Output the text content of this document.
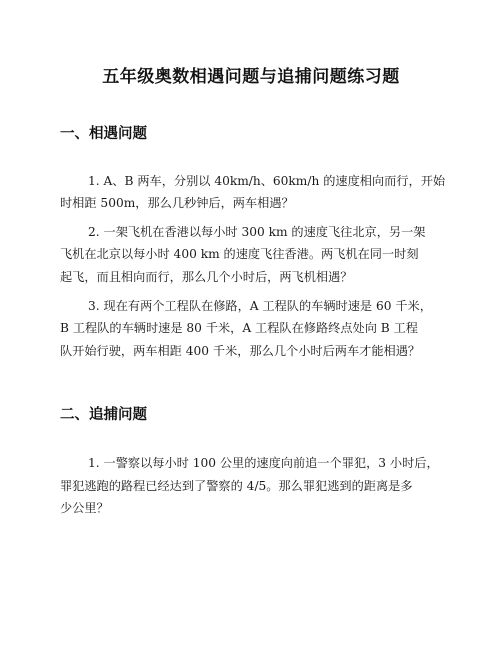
五年级奥数相遇问题与追捕问题练习题
一、相遇问题
1. A、B 两车，分别以 40km/h、60km/h 的速度相向而行，开始
时相距 500m，那么几秒钟后，两车相遇？
2. 一架飞机在香港以每小时 300 km 的速度飞往北京，另一架
飞机在北京以每小时 400 km 的速度飞往香港。两飞机在同一时刻
起飞，而且相向而行，那么几个小时后，两飞机相遇？
3. 现在有两个工程队在修路，A 工程队的车辆时速是 60 千米，
B 工程队的车辆时速是 80 千米，A 工程队在修路终点处向 B 工程
队开始行驶，两车相距 400 千米，那么几个小时后两车才能相遇？
二、追捕问题
1. 一警察以每小时 100 公里的速度向前追一个罪犯，3 小时后，
罪犯逃跑的路程已经达到了警察的 4/5。那么罪犯逃到的距离是多
少公里？
